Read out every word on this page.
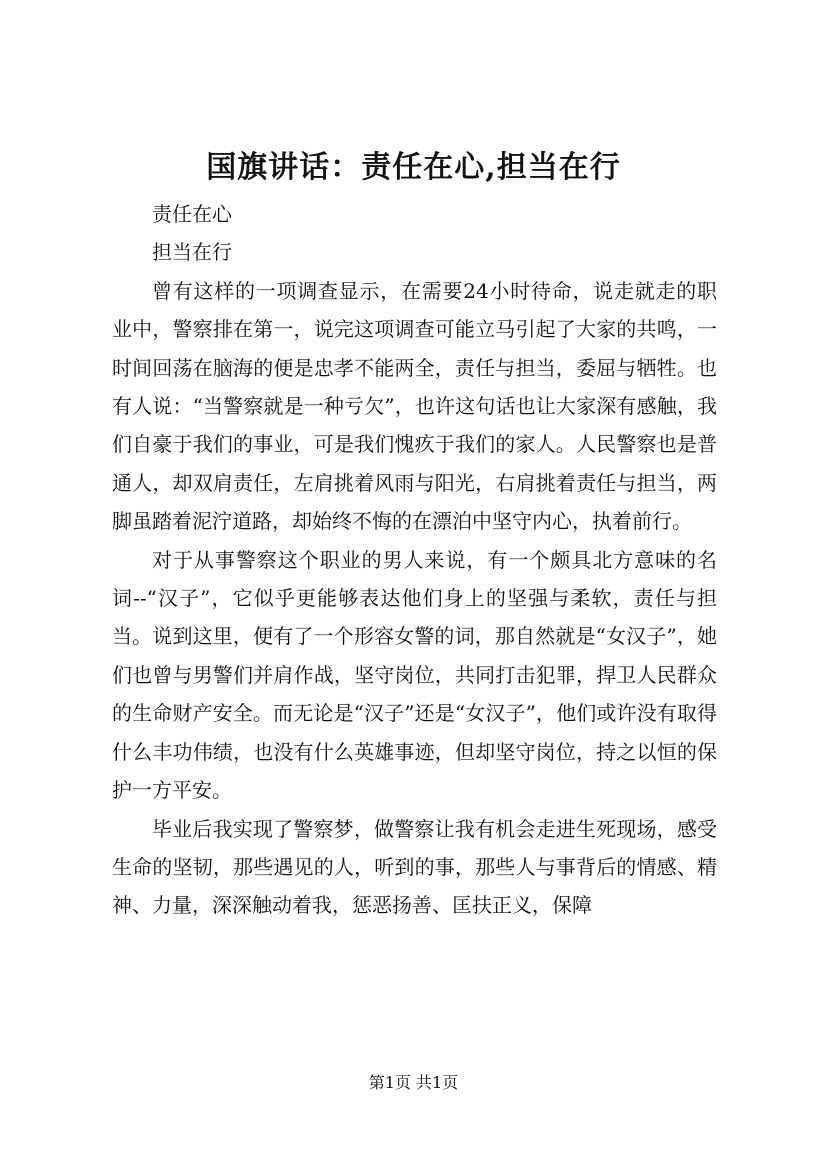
国旗讲话：责任在心,担当在行

责任在心

担当在行

曾有这样的一项调查显示，在需要24小时待命，说走就走的职业中，警察排在第一，说完这项调查可能立马引起了大家的共鸣，一时间回荡在脑海的便是忠孝不能两全，责任与担当，委屈与牺牲。也有人说：“当警察就是一种亏欠”，也许这句话也让大家深有感触，我们自豪于我们的事业，可是我们愧疚于我们的家人。人民警察也是普通人，却双肩责任，左肩挑着风雨与阳光，右肩挑着责任与担当，两脚虽踏着泥泞道路，却始终不悔的在漂泊中坚守内心，执着前行。

对于从事警察这个职业的男人来说，有一个颇具北方意味的名词--“汉子”，它似乎更能够表达他们身上的坚强与柔软，责任与担当。说到这里，便有了一个形容女警的词，那自然就是“女汉子”，她们也曾与男警们并肩作战，坚守岗位，共同打击犯罪，捍卫人民群众的生命财产安全。而无论是“汉子”还是“女汉子”，他们或许没有取得什么丰功伟绩，也没有什么英雄事迹，但却坚守岗位，持之以恒的保护一方平安。

毕业后我实现了警察梦，做警察让我有机会走进生死现场，感受生命的坚韧，那些遇见的人，听到的事，那些人与事背后的情感、精神、力量，深深触动着我，惩恶扬善、匡扶正义，保障

第1页 共1页
